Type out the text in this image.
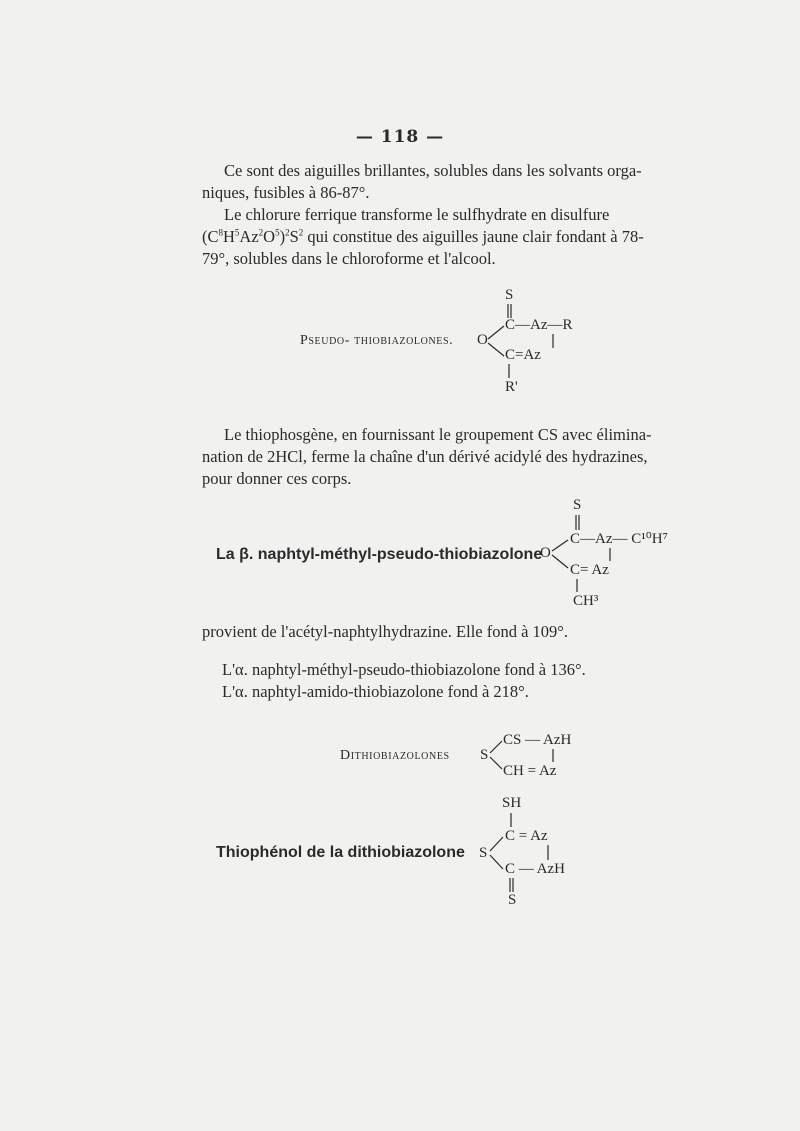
— 118 —

Ce sont des aiguilles brillantes, solubles dans les solvants orga-

niques, fusibles à 86-87°.

Le chlorure ferrique transforme le sulfhydrate en disulfure

$(C^8H^5Az^2O^5)^2S^2$ qui constitue des aiguilles jaune clair fondant à 78-

79°, solubles dans le chloroforme et l'alcool.

Pseudo- thiobiazolones.
S
O
C—Az—R
C=Az
R'

Le thiophosgène, en fournissant le groupement CS avec élimina-

nation de 2HCl, ferme la chaîne d'un dérivé acidylé des hydrazines,

pour donner ces corps.

La β. naphtyl-méthyl-pseudo-thiobiazolone
S
O
C—Az— C¹⁰H⁷
C= Az
CH³
provient de l'acétyl-naphtylhydrazine. Elle fond à 109°.
L'α. naphtyl-méthyl-pseudo-thiobiazolone fond à 136°.
L'α. naphtyl-amido-thiobiazolone fond à 218°.
Dithiobiazolones S
CS — AzH
CH = Az
Thiophénol de la dithiobiazolone
SH
S
C = Az
C — AzH
S
